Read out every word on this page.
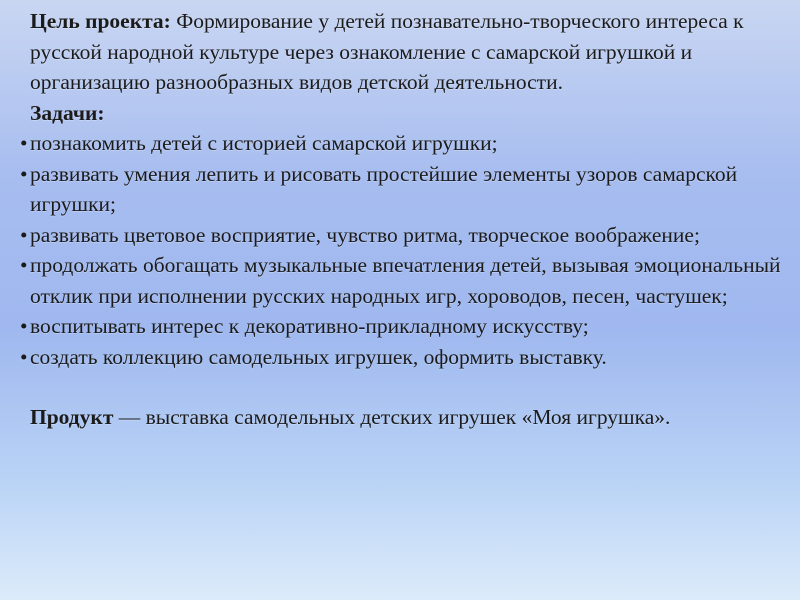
Цель проекта: Формирование у детей познавательно-творческого интереса к русской народной культуре через ознакомление с самарской игрушкой и организацию разнообразных видов детской деятельности.

Задачи:

• познакомить детей с историей самарской игрушки;
• развивать умения лепить и рисовать простейшие элементы узоров самарской игрушки;
• развивать цветовое восприятие, чувство ритма, творческое воображение;
• продолжать обогащать музыкальные впечатления детей, вызывая эмоциональный отклик при исполнении русских народных игр, хороводов, песен, частушек;
• воспитывать интерес к декоративно-прикладному искусству;
• создать коллекцию самодельных игрушек, оформить выставку.

Продукт — выставка самодельных детских игрушек «Моя игрушка».
